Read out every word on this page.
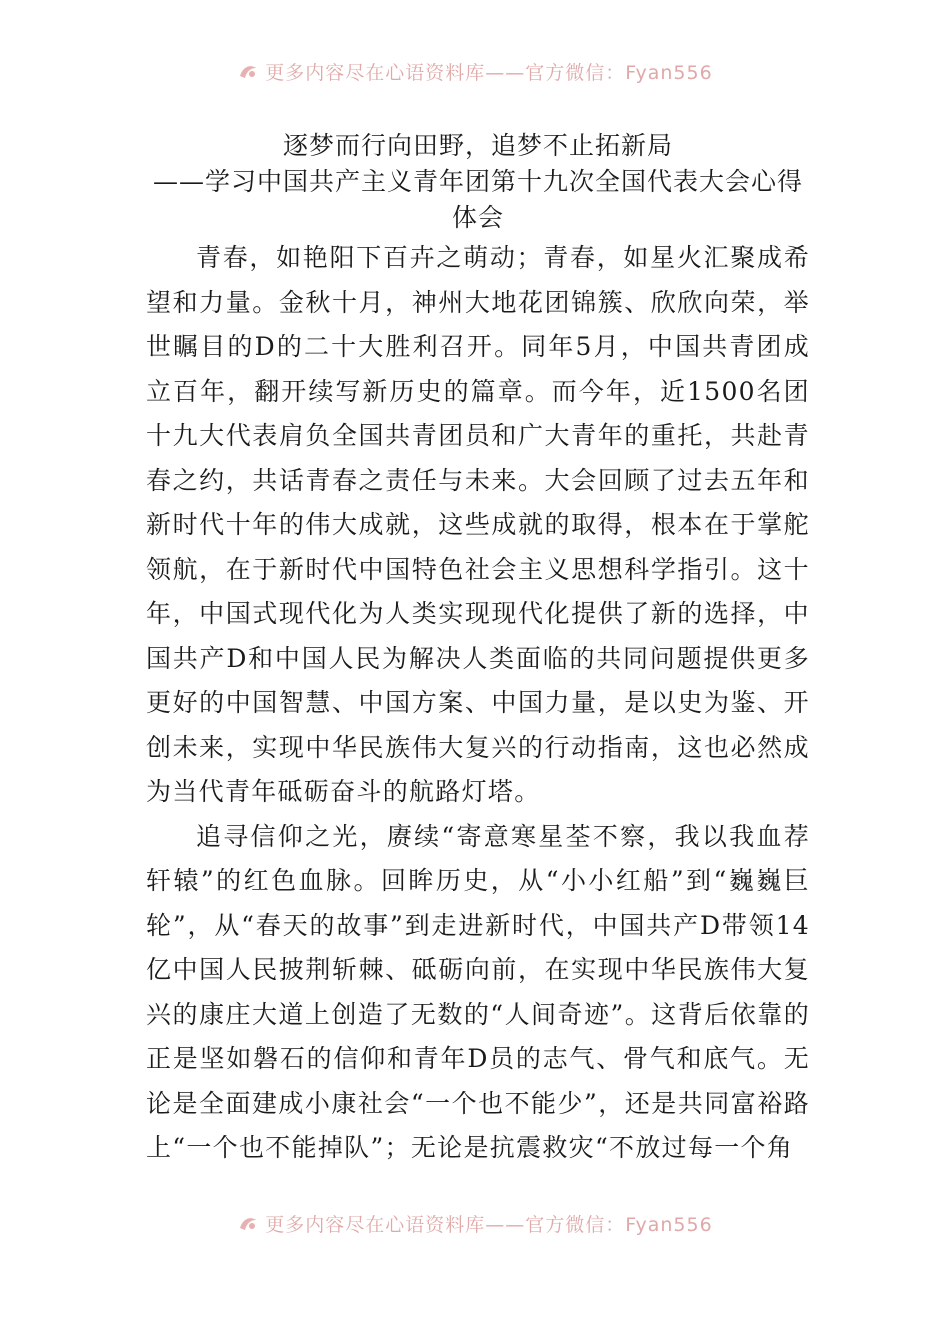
更多内容尽在心语资料库——官方微信：Fyan556
逐梦而行向田野，追梦不止拓新局

——学习中国共产主义青年团第十九次全国代表大会心得

体会

青春，如艳阳下百卉之萌动；青春，如星火汇聚成希望和力量。金秋十月，神州大地花团锦簇、欣欣向荣，举世瞩目的D的二十大胜利召开。同年5月，中国共青团成立百年，翻开续写新历史的篇章。而今年，近1500名团十九大代表肩负全国共青团员和广大青年的重托，共赴青春之约，共话青春之责任与未来。大会回顾了过去五年和新时代十年的伟大成就，这些成就的取得，根本在于掌舵领航，在于新时代中国特色社会主义思想科学指引。这十年，中国式现代化为人类实现现代化提供了新的选择，中国共产D和中国人民为解决人类面临的共同问题提供更多更好的中国智慧、中国方案、中国力量，是以史为鉴、开创未来，实现中华民族伟大复兴的行动指南，这也必然成为当代青年砥砺奋斗的航路灯塔。

追寻信仰之光，赓续“寄意寒星荃不察，我以我血荐轩辕”的红色血脉。回眸历史，从“小小红船”到“巍巍巨轮”，从“春天的故事”到走进新时代，中国共产D带领14亿中国人民披荆斩棘、砥砺向前，在实现中华民族伟大复兴的康庄大道上创造了无数的“人间奇迹”。这背后依靠的正是坚如磐石的信仰和青年D员的志气、骨气和底气。无论是全面建成小康社会“一个也不能少”，还是共同富裕路上“一个也不能掉队”；无论是抗震救灾“不放过每一个角

更多内容尽在心语资料库——官方微信：Fyan556
